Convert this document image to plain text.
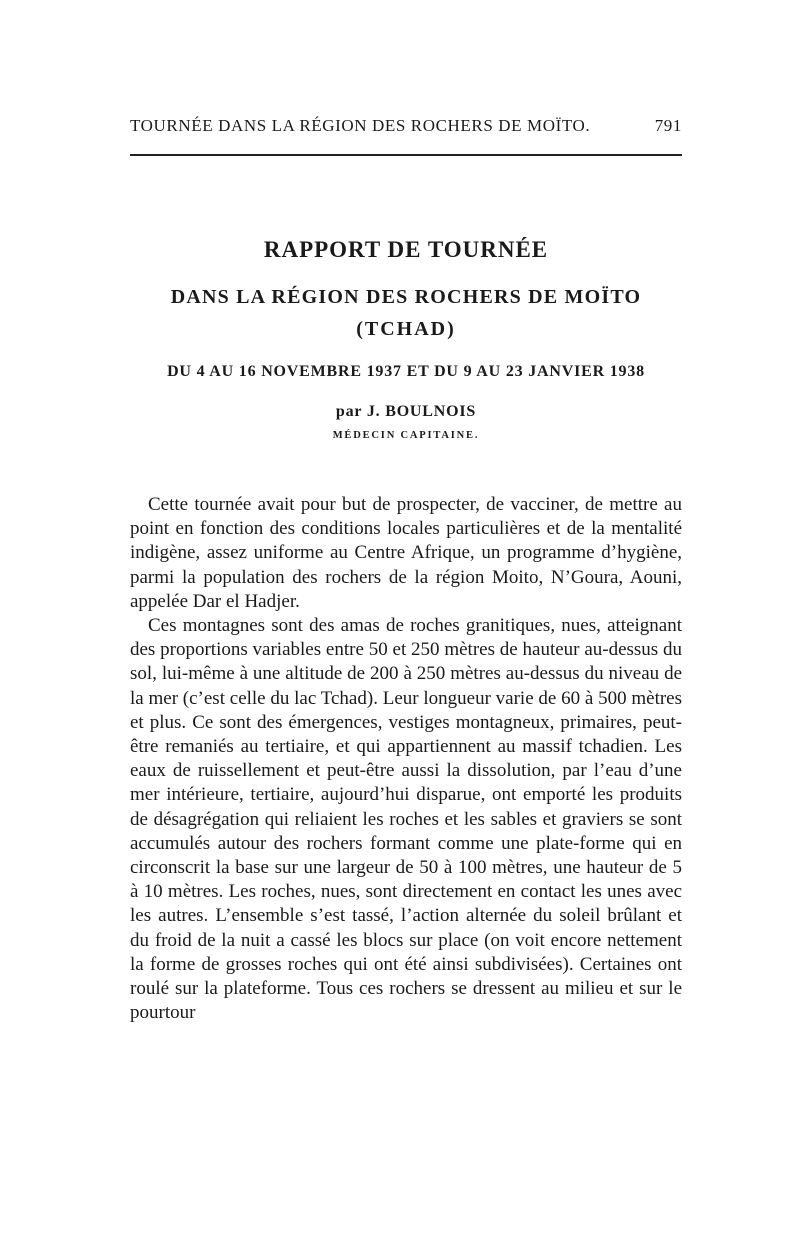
TOURNÉE DANS LA RÉGION DES ROCHERS DE MOÏTO.	791
RAPPORT DE TOURNÉE
DANS LA RÉGION DES ROCHERS DE MOÏTO
(TCHAD)
DU 4 AU 16 NOVEMBRE 1937 ET DU 9 AU 23 JANVIER 1938
par J. BOULNOIS
MÉDECIN CAPITAINE.

Cette tournée avait pour but de prospecter, de vacciner, de mettre au point en fonction des conditions locales particulières et de la mentalité indigène, assez uniforme au Centre Afrique, un programme d’hygiène, parmi la population des rochers de la région Moito, N’Goura, Aouni, appelée Dar el Hadjer.

Ces montagnes sont des amas de roches granitiques, nues, atteignant des proportions variables entre 50 et 250 mètres de hauteur au-dessus du sol, lui-même à une altitude de 200 à 250 mètres au-dessus du niveau de la mer (c’est celle du lac Tchad). Leur longueur varie de 60 à 500 mètres et plus. Ce sont des émergences, vestiges montagneux, primaires, peut-être remaniés au tertiaire, et qui appartiennent au massif tchadien. Les eaux de ruissellement et peut-être aussi la dissolution, par l’eau d’une mer intérieure, tertiaire, aujourd’hui disparue, ont emporté les produits de désagrégation qui reliaient les roches et les sables et graviers se sont accumulés autour des rochers formant comme une plate-forme qui en circonscrit la base sur une largeur de 50 à 100 mètres, une hauteur de 5 à 10 mètres. Les roches, nues, sont directement en contact les unes avec les autres. L’ensemble s’est tassé, l’action alternée du soleil brûlant et du froid de la nuit a cassé les blocs sur place (on voit encore nettement la forme de grosses roches qui ont été ainsi subdivisées). Certaines ont roulé sur la plateforme. Tous ces rochers se dressent au milieu et sur le pourtour
